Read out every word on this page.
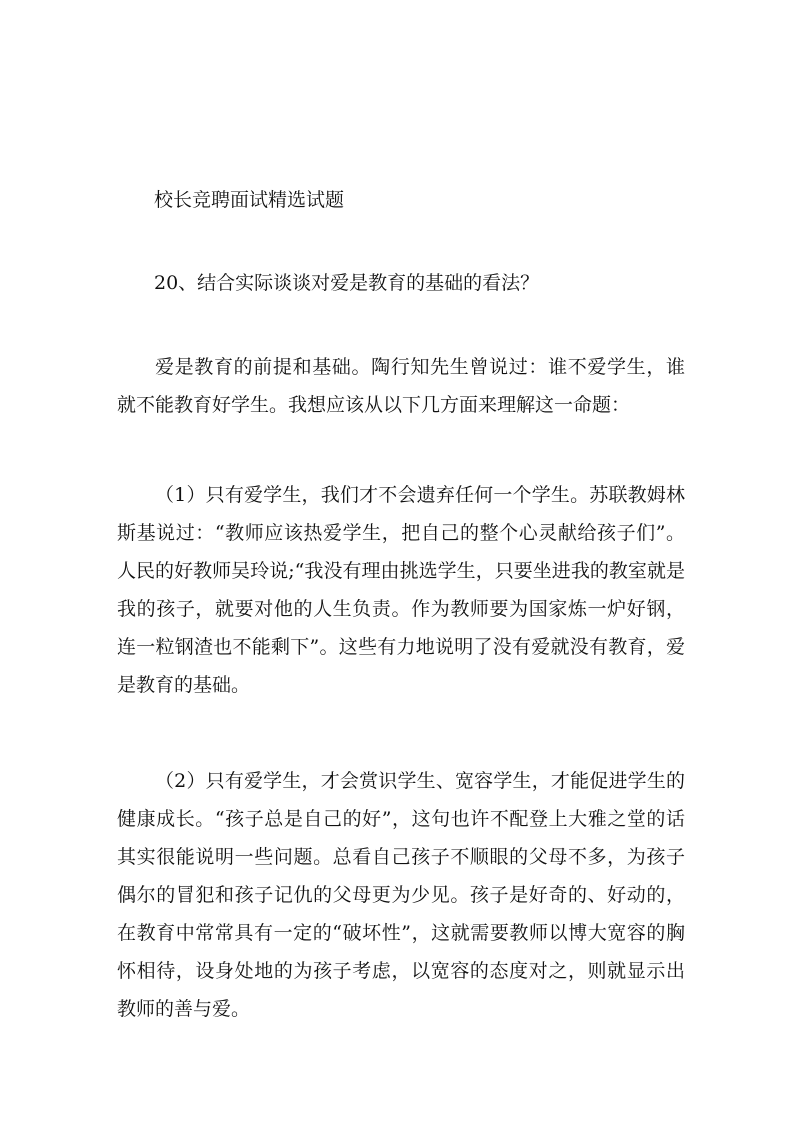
校长竞聘面试精选试题
20、结合实际谈谈对爱是教育的基础的看法？

爱是教育的前提和基础。陶行知先生曾说过：谁不爱学生，谁就不能教育好学生。我想应该从以下几方面来理解这一命题：

（1）只有爱学生，我们才不会遗弃任何一个学生。苏联教姆林斯基说过：“教师应该热爱学生，把自己的整个心灵献给孩子们”。人民的好教师吴玲说;“我没有理由挑选学生，只要坐进我的教室就是我的孩子，就要对他的人生负责。作为教师要为国家炼一炉好钢，连一粒钢渣也不能剩下”。这些有力地说明了没有爱就没有教育，爱是教育的基础。

（2）只有爱学生，才会赏识学生、宽容学生，才能促进学生的健康成长。“孩子总是自己的好”，这句也许不配登上大雅之堂的话其实很能说明一些问题。总看自己孩子不顺眼的父母不多，为孩子偶尔的冒犯和孩子记仇的父母更为少见。孩子是好奇的、好动的，在教育中常常具有一定的“破坏性”，这就需要教师以博大宽容的胸怀相待，设身处地的为孩子考虑，以宽容的态度对之，则就显示出教师的善与爱。
